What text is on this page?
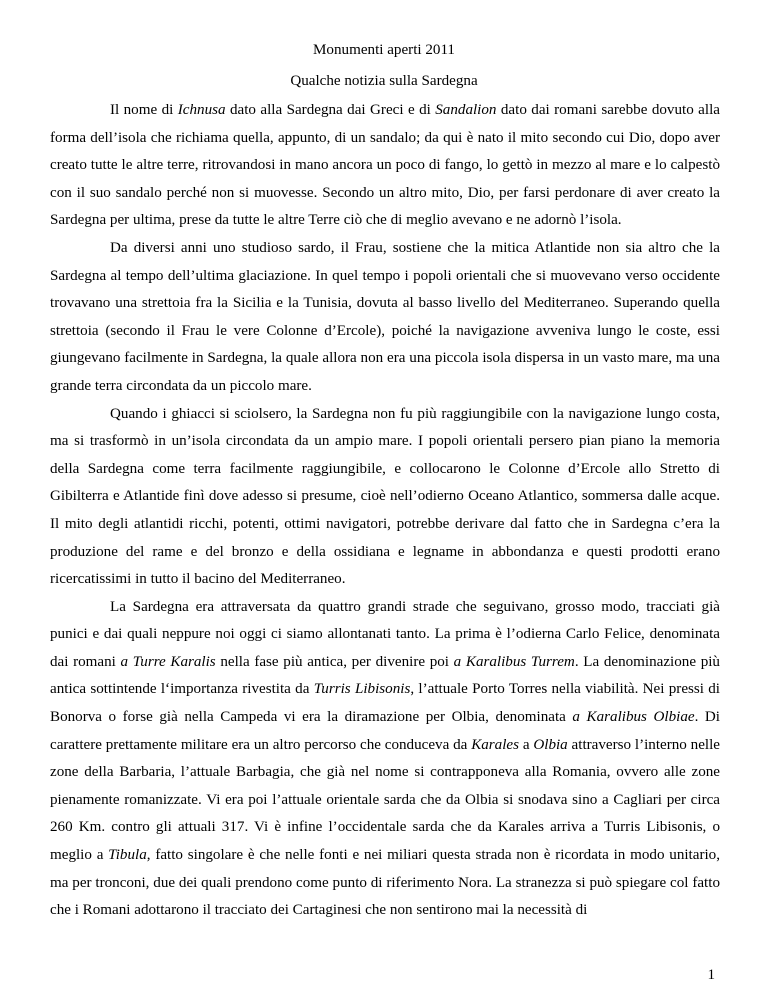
Monumenti aperti 2011
Qualche notizia sulla Sardegna

Il nome di Ichnusa dato alla Sardegna dai Greci e di Sandalion dato dai romani sarebbe dovuto alla forma dell’isola che richiama quella, appunto, di un sandalo; da qui è nato il mito secondo cui Dio, dopo aver creato tutte le altre terre, ritrovandosi in mano ancora un poco di fango, lo gettò in mezzo al mare e lo calpestò con il suo sandalo perché non si muovesse. Secondo un altro mito, Dio, per farsi perdonare di aver creato la Sardegna per ultima, prese da tutte le altre Terre ciò che di meglio avevano e ne adornò l’isola.

Da diversi anni uno studioso sardo, il Frau, sostiene che la mitica Atlantide non sia altro che la Sardegna al tempo dell’ultima glaciazione. In quel tempo i popoli orientali che si muovevano verso occidente trovavano una strettoia fra la Sicilia e la Tunisia, dovuta al basso livello del Mediterraneo. Superando quella strettoia (secondo il Frau le vere Colonne d’Ercole), poiché la navigazione avveniva lungo le coste, essi giungevano facilmente in Sardegna, la quale allora non era una piccola isola dispersa in un vasto mare, ma una grande terra circondata da un piccolo mare.

Quando i ghiacci si sciolsero, la Sardegna non fu più raggiungibile con la navigazione lungo costa, ma si trasformò in un’isola circondata da un ampio mare. I popoli orientali persero pian piano la memoria della Sardegna come terra facilmente raggiungibile, e collocarono le Colonne d’Ercole allo Stretto di Gibilterra e Atlantide finì dove adesso si presume, cioè nell’odierno Oceano Atlantico, sommersa dalle acque. Il mito degli atlantidi ricchi, potenti, ottimi navigatori, potrebbe derivare dal fatto che in Sardegna c’era la produzione del rame e del bronzo e della ossidiana e legname in abbondanza e questi prodotti erano ricercatissimi in tutto il bacino del Mediterraneo.

La Sardegna era attraversata da quattro grandi strade che seguivano, grosso modo, tracciati già punici e dai quali neppure noi oggi ci siamo allontanati tanto. La prima è l’odierna Carlo Felice, denominata dai romani a Turre Karalis nella fase più antica, per divenire poi a Karalibus Turrem. La denominazione più antica sottintende l‘importanza rivestita da Turris Libisonis, l’attuale Porto Torres nella viabilità. Nei pressi di Bonorva o forse già nella Campeda vi era la diramazione per Olbia, denominata a Karalibus Olbiae. Di carattere prettamente militare era un altro percorso che conduceva da Karales a Olbia attraverso l’interno nelle zone della Barbaria, l’attuale Barbagia, che già nel nome si contrapponeva alla Romania, ovvero alle zone pienamente romanizzate. Vi era poi l’attuale orientale sarda che da Olbia si snodava sino a Cagliari per circa 260 Km. contro gli attuali 317. Vi è infine l’occidentale sarda che da Karales arriva a Turris Libisonis, o meglio a Tibula, fatto singolare è che nelle fonti e nei miliari questa strada non è ricordata in modo unitario, ma per tronconi, due dei quali prendono come punto di riferimento Nora. La stranezza si può spiegare col fatto che i Romani adottarono il tracciato dei Cartaginesi che non sentirono mai la necessità di

1
